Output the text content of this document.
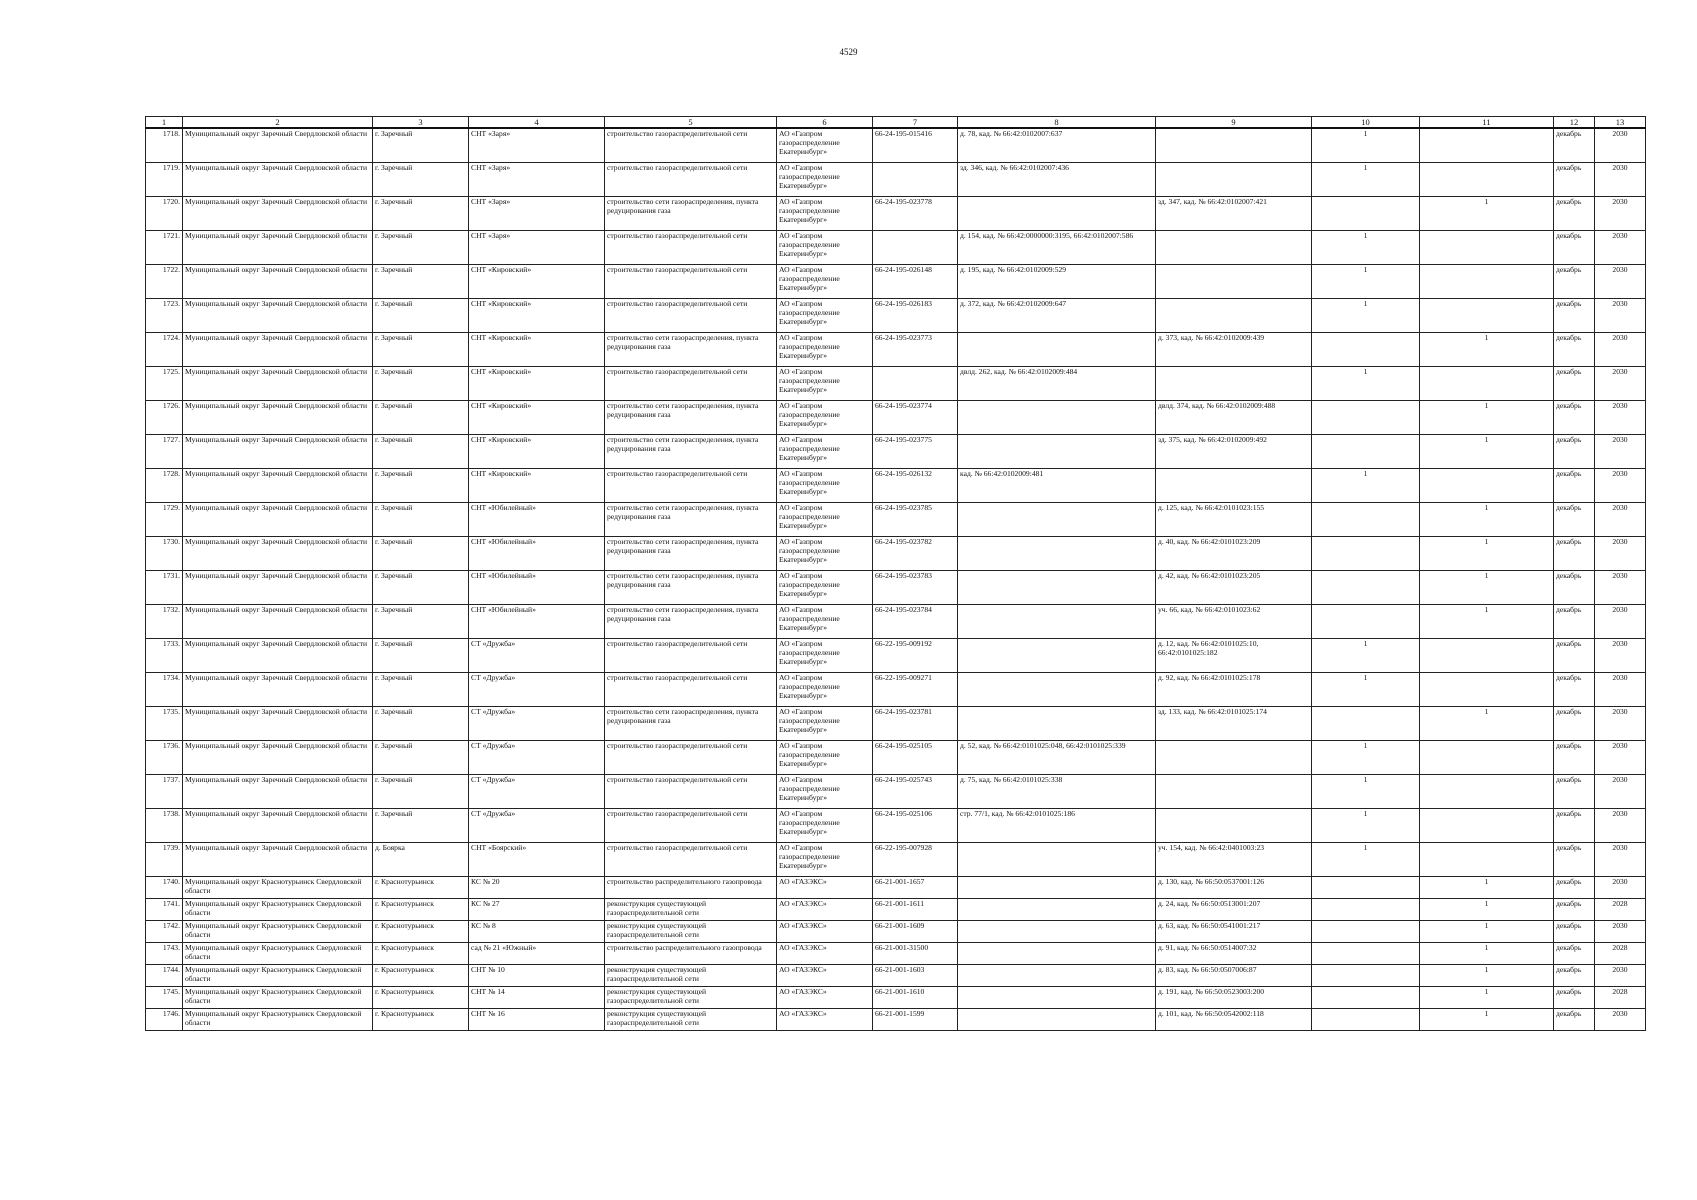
4529
1	2	3	4	5	6	7	8	9	10	11	12	13
1718.	Муниципальный округ Заречный Свердловской области	г. Заречный	СНТ «Заря»	строительство газораспределительной сети	АО «Газпром газораспределение Екатеринбург»	66-24-195-015416	д. 78, кад. № 66:42:0102007:637		1		декабрь	2030
1719.	Муниципальный округ Заречный Свердловской области	г. Заречный	СНТ «Заря»	строительство газораспределительной сети	АО «Газпром газораспределение Екатеринбург»		зд. 346, кад. № 66:42:0102007:436		1		декабрь	2030
1720.	Муниципальный округ Заречный Свердловской области	г. Заречный	СНТ «Заря»	строительство сети газораспределения, пункта редуцирования газа	АО «Газпром газораспределение Екатеринбург»	66-24-195-023778		зд. 347, кад. № 66:42:0102007:421		1	декабрь	2030
1721.	Муниципальный округ Заречный Свердловской области	г. Заречный	СНТ «Заря»	строительство газораспределительной сети	АО «Газпром газораспределение Екатеринбург»		д. 154, кад. № 66:42:0000000:3195, 66:42:0102007:586		1		декабрь	2030
1722.	Муниципальный округ Заречный Свердловской области	г. Заречный	СНТ «Кировский»	строительство газораспределительной сети	АО «Газпром газораспределение Екатеринбург»	66-24-195-026148	д. 195, кад. № 66:42:0102009:529		1		декабрь	2030
1723.	Муниципальный округ Заречный Свердловской области	г. Заречный	СНТ «Кировский»	строительство газораспределительной сети	АО «Газпром газораспределение Екатеринбург»	66-24-195-026183	д. 372, кад. № 66:42:0102009:647		1		декабрь	2030
1724.	Муниципальный округ Заречный Свердловской области	г. Заречный	СНТ «Кировский»	строительство сети газораспределения, пункта редуцирования газа	АО «Газпром газораспределение Екатеринбург»	66-24-195-023773		д. 373, кад. № 66:42:0102009:439		1	декабрь	2030
1725.	Муниципальный округ Заречный Свердловской области	г. Заречный	СНТ «Кировский»	строительство газораспределительной сети	АО «Газпром газораспределение Екатеринбург»		двлд. 262, кад. № 66:42:0102009:484		1		декабрь	2030
1726.	Муниципальный округ Заречный Свердловской области	г. Заречный	СНТ «Кировский»	строительство сети газораспределения, пункта редуцирования газа	АО «Газпром газораспределение Екатеринбург»	66-24-195-023774		двлд. 374, кад. № 66:42:0102009:488		1	декабрь	2030
1727.	Муниципальный округ Заречный Свердловской области	г. Заречный	СНТ «Кировский»	строительство сети газораспределения, пункта редуцирования газа	АО «Газпром газораспределение Екатеринбург»	66-24-195-023775		зд. 375, кад. № 66:42:0102009:492		1	декабрь	2030
1728.	Муниципальный округ Заречный Свердловской области	г. Заречный	СНТ «Кировский»	строительство газораспределительной сети	АО «Газпром газораспределение Екатеринбург»	66-24-195-026132	кад. № 66:42:0102009:481		1		декабрь	2030
1729.	Муниципальный округ Заречный Свердловской области	г. Заречный	СНТ «Юбилейный»	строительство сети газораспределения, пункта редуцирования газа	АО «Газпром газораспределение Екатеринбург»	66-24-195-023785		д. 125, кад. № 66:42:0101023:155		1	декабрь	2030
1730.	Муниципальный округ Заречный Свердловской области	г. Заречный	СНТ «Юбилейный»	строительство сети газораспределения, пункта редуцирования газа	АО «Газпром газораспределение Екатеринбург»	66-24-195-023782		д. 40, кад. № 66:42:0101023:209		1	декабрь	2030
1731.	Муниципальный округ Заречный Свердловской области	г. Заречный	СНТ «Юбилейный»	строительство сети газораспределения, пункта редуцирования газа	АО «Газпром газораспределение Екатеринбург»	66-24-195-023783		д. 42, кад. № 66:42:0101023:205		1	декабрь	2030
1732.	Муниципальный округ Заречный Свердловской области	г. Заречный	СНТ «Юбилейный»	строительство сети газораспределения, пункта редуцирования газа	АО «Газпром газораспределение Екатеринбург»	66-24-195-023784		уч. 66, кад. № 66:42:0101023:62		1	декабрь	2030
1733.	Муниципальный округ Заречный Свердловской области	г. Заречный	СТ «Дружба»	строительство газораспределительной сети	АО «Газпром газораспределение Екатеринбург»	66-22-195-009192		д. 12, кад. № 66:42:0101025:10, 66:42:0101025:182	1		декабрь	2030
1734.	Муниципальный округ Заречный Свердловской области	г. Заречный	СТ «Дружба»	строительство газораспределительной сети	АО «Газпром газораспределение Екатеринбург»	66-22-195-009271		д. 92, кад. № 66:42:0101025:178	1		декабрь	2030
1735.	Муниципальный округ Заречный Свердловской области	г. Заречный	СТ «Дружба»	строительство сети газораспределения, пункта редуцирования газа	АО «Газпром газораспределение Екатеринбург»	66-24-195-023781		зд. 133, кад. № 66:42:0101025:174		1	декабрь	2030
1736.	Муниципальный округ Заречный Свердловской области	г. Заречный	СТ «Дружба»	строительство газораспределительной сети	АО «Газпром газораспределение Екатеринбург»	66-24-195-025105	д. 52, кад. № 66:42:0101025:048, 66:42:0101025:339		1		декабрь	2030
1737.	Муниципальный округ Заречный Свердловской области	г. Заречный	СТ «Дружба»	строительство газораспределительной сети	АО «Газпром газораспределение Екатеринбург»	66-24-195-025743	д. 75, кад. № 66:42:0101025:338		1		декабрь	2030
1738.	Муниципальный округ Заречный Свердловской области	г. Заречный	СТ «Дружба»	строительство газораспределительной сети	АО «Газпром газораспределение Екатеринбург»	66-24-195-025106	стр. 77/1, кад. № 66:42:0101025:186		1		декабрь	2030
1739.	Муниципальный округ Заречный Свердловской области	д. Боярка	СНТ «Боярский»	строительство газораспределительной сети	АО «Газпром газораспределение Екатеринбург»	66-22-195-007928		уч. 154, кад. № 66:42:0401003:23	1		декабрь	2030
1740.	Муниципальный округ Краснотурьинск Свердловской области	г. Краснотурьинск	КС № 20	строительство распределительного газопровода	АО «ГАЗЭКС»	66-21-001-1657		д. 130, кад. № 66:50:0537001:126		1	декабрь	2030
1741.	Муниципальный округ Краснотурьинск Свердловской области	г. Краснотурьинск	КС № 27	реконструкция существующей газораспределительной сети	АО «ГАЗЭКС»	66-21-001-1611		д. 24, кад. № 66:50:0513001:207		1	декабрь	2028
1742.	Муниципальный округ Краснотурьинск Свердловской области	г. Краснотурьинск	КС № 8	реконструкция существующей газораспределительной сети	АО «ГАЗЭКС»	66-21-001-1609		д. 63, кад. № 66:50:0541001:217		1	декабрь	2030
1743.	Муниципальный округ Краснотурьинск Свердловской области	г. Краснотурьинск	сад № 21 «Южный»	строительство распределительного газопровода	АО «ГАЗЭКС»	66-21-001-31500		д. 91, кад. № 66:50:0514007:32		1	декабрь	2028
1744.	Муниципальный округ Краснотурьинск Свердловской области	г. Краснотурьинск	СНТ № 10	реконструкция существующей газораспределительной сети	АО «ГАЗЭКС»	66-21-001-1603		д. 83, кад. № 66:50:0507006:87		1	декабрь	2030
1745.	Муниципальный округ Краснотурьинск Свердловской области	г. Краснотурьинск	СНТ № 14	реконструкция существующей газораспределительной сети	АО «ГАЗЭКС»	66-21-001-1610		д. 191, кад. № 66:50:0523003:200		1	декабрь	2028
1746.	Муниципальный округ Краснотурьинск Свердловской области	г. Краснотурьинск	СНТ № 16	реконструкция существующей газораспределительной сети	АО «ГАЗЭКС»	66-21-001-1599		д. 101, кад. № 66:50:0542002:118		1	декабрь	2030
